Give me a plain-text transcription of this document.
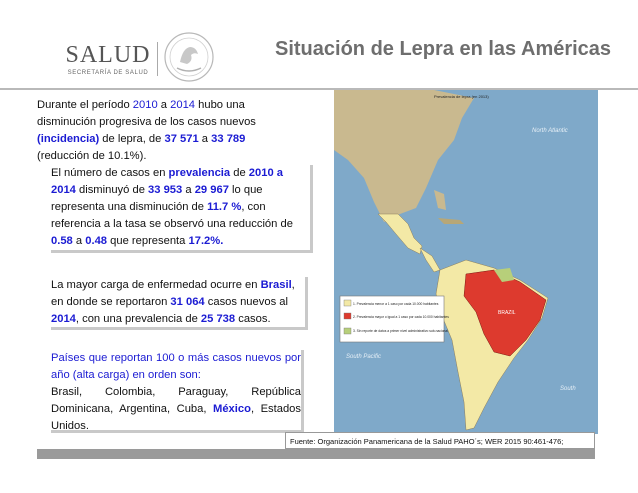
SALUD
SECRETARÍA DE SALUD
Situación de Lepra en las Américas
Durante el período 2010 a 2014 hubo una disminución progresiva de los casos nuevos (incidencia) de lepra, de 37 571 a 33 789
(reducción de 10.1%).
El número de casos en prevalencia de 2010 a 2014 disminuyó de 33 953 a 29 967 lo que representa una disminución de 11.7 %, con referencia a la tasa se observó una reducción de 0.58 a 0.48 que representa 17.2%.
La mayor carga de enfermedad ocurre en Brasil, en donde se reportaron 31 064 casos nuevos al 2014, con una prevalencia de 25 738 casos.
Países que reportan 100 o más casos nuevos por año (alta carga) en orden son:
Brasil, Colombia, Paraguay, República Dominicana, Argentina, Cuba, México, Estados Unidos.
1. Prevalencia menor a 1 caso por cada 10.000 habitantes
2. Prevalencia mayor o igual a 1 caso por cada 10.000 habitantes
3. Sin reporte de datos a primer nivel administrativo sub-nacional
Prevalencia de lepra (en 2013)
North Atlantic
South Pacific
South
BRAZIL
Fuente: Organización Panamericana de la Salud PAHO´s; WER 2015 90:461-476;
